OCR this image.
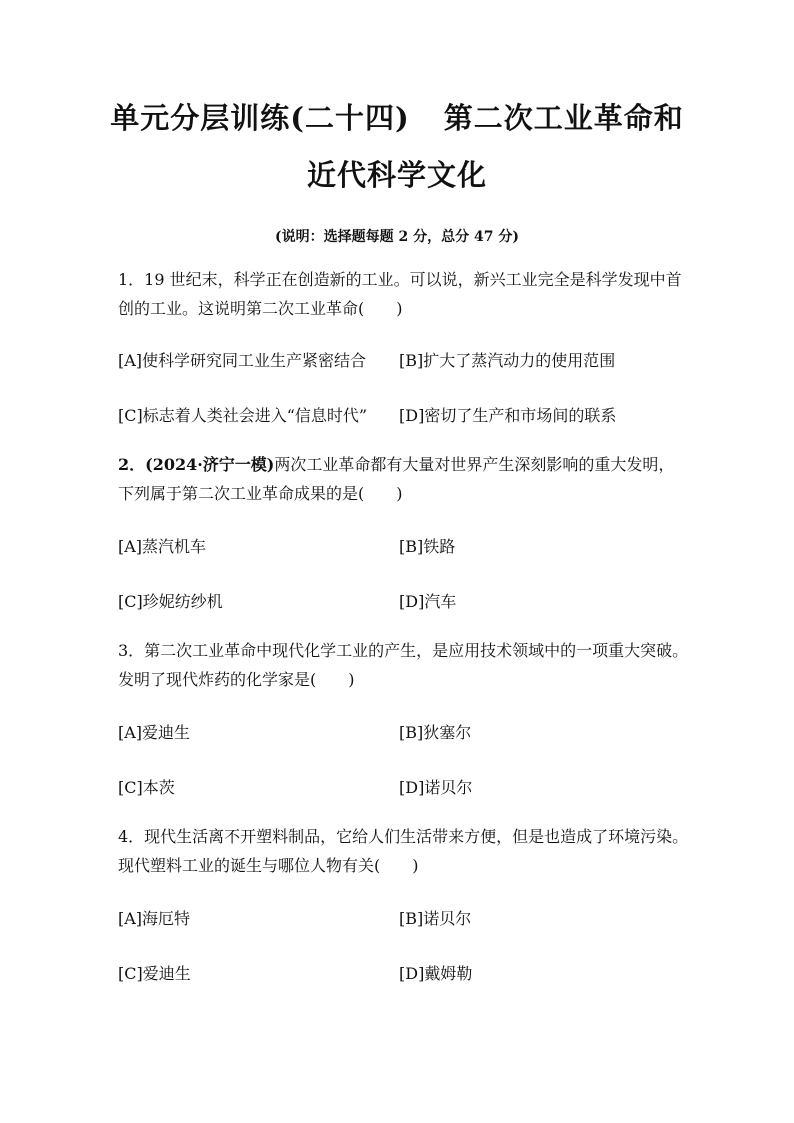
单元分层训练(二十四) 第二次工业革命和
近代科学文化
(说明：选择题每题 2 分，总分 47 分)
1．19 世纪末，科学正在创造新的工业。可以说，新兴工业完全是科学发现中首
创的工业。这说明第二次工业革命(　　)
[A]使科学研究同工业生产紧密结合 [B]扩大了蒸汽动力的使用范围
[C]标志着人类社会进入“信息时代” [D]密切了生产和市场间的联系
2．(2024·济宁一模)两次工业革命都有大量对世界产生深刻影响的重大发明，
下列属于第二次工业革命成果的是(　　)
[A]蒸汽机车	[B]铁路
[C]珍妮纺纱机	[D]汽车
3．第二次工业革命中现代化学工业的产生，是应用技术领域中的一项重大突破。
发明了现代炸药的化学家是(　　)
[A]爱迪生	[B]狄塞尔
[C]本茨	[D]诺贝尔
4．现代生活离不开塑料制品，它给人们生活带来方便，但是也造成了环境污染。
现代塑料工业的诞生与哪位人物有关(　　)
[A]海厄特	[B]诺贝尔
[C]爱迪生	[D]戴姆勒
